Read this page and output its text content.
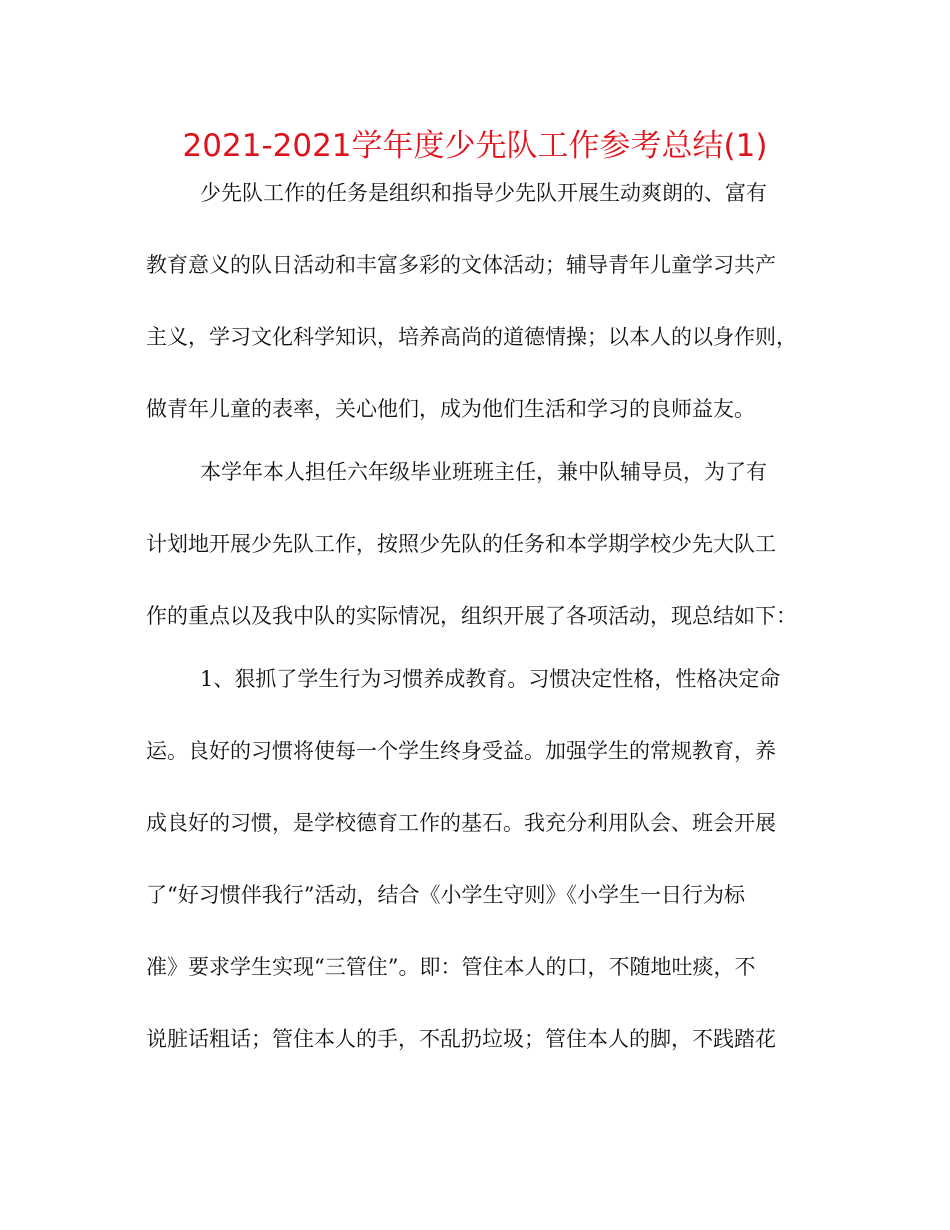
2021-2021学年度少先队工作参考总结(1)

少先队工作的任务是组织和指导少先队开展生动爽朗的、富有

教育意义的队日活动和丰富多彩的文体活动；辅导青年儿童学习共产

主义，学习文化科学知识，培养高尚的道德情操；以本人的以身作则，

做青年儿童的表率，关心他们，成为他们生活和学习的良师益友。

本学年本人担任六年级毕业班班主任，兼中队辅导员，为了有

计划地开展少先队工作，按照少先队的任务和本学期学校少先大队工

作的重点以及我中队的实际情况，组织开展了各项活动，现总结如下：

1、狠抓了学生行为习惯养成教育。习惯决定性格，性格决定命

运。良好的习惯将使每一个学生终身受益。加强学生的常规教育，养

成良好的习惯，是学校德育工作的基石。我充分利用队会、班会开展

了“好习惯伴我行”活动，结合《小学生守则》《小学生一日行为标

准》要求学生实现“三管住”。即：管住本人的口，不随地吐痰，不

说脏话粗话；管住本人的手，不乱扔垃圾；管住本人的脚，不践踏花
